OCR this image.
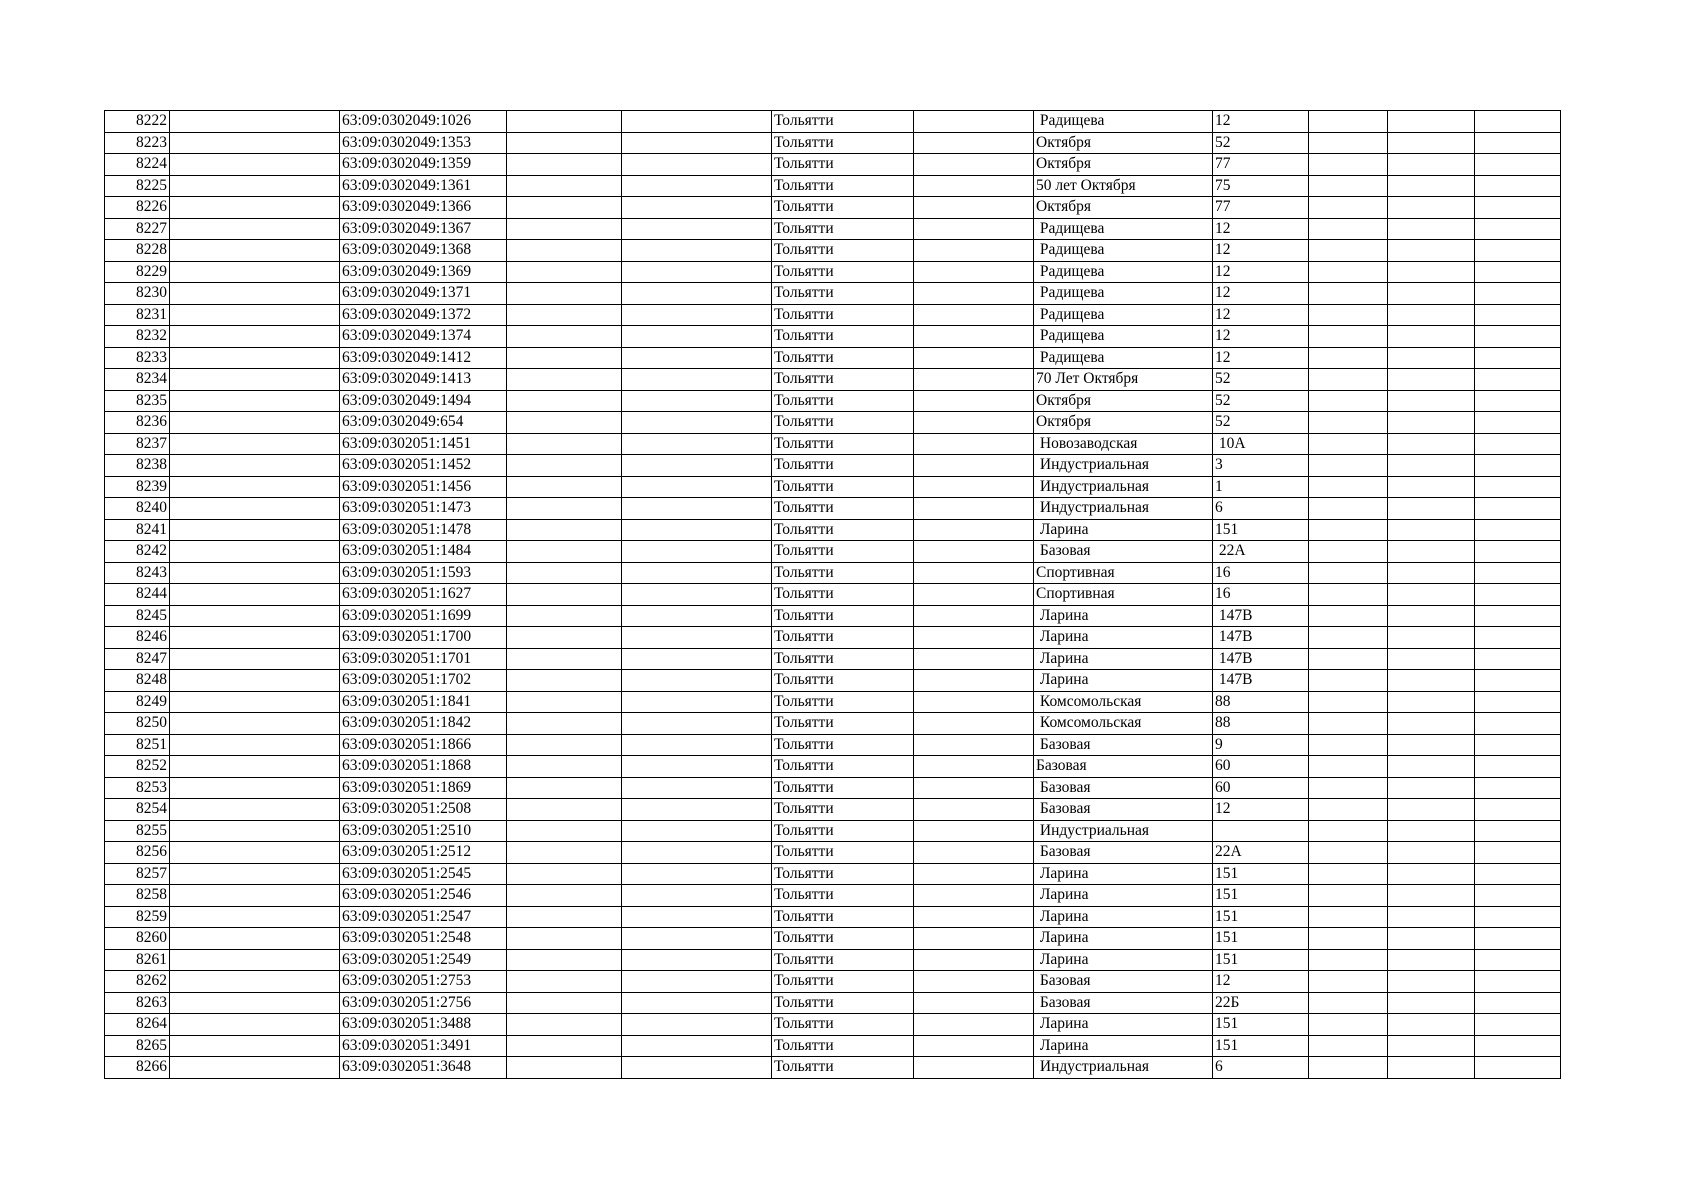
8222		63:09:0302049:1026			Тольятти		Радищева	12			
8223		63:09:0302049:1353			Тольятти		Октября	52			
8224		63:09:0302049:1359			Тольятти		Октября	77			
8225		63:09:0302049:1361			Тольятти		50 лет Октября	75			
8226		63:09:0302049:1366			Тольятти		Октября	77			
8227		63:09:0302049:1367			Тольятти		Радищева	12			
8228		63:09:0302049:1368			Тольятти		Радищева	12			
8229		63:09:0302049:1369			Тольятти		Радищева	12			
8230		63:09:0302049:1371			Тольятти		Радищева	12			
8231		63:09:0302049:1372			Тольятти		Радищева	12			
8232		63:09:0302049:1374			Тольятти		Радищева	12			
8233		63:09:0302049:1412			Тольятти		Радищева	12			
8234		63:09:0302049:1413			Тольятти		70 Лет Октября	52			
8235		63:09:0302049:1494			Тольятти		Октября	52			
8236		63:09:0302049:654			Тольятти		Октября	52			
8237		63:09:0302051:1451			Тольятти		Новозаводская	10А			
8238		63:09:0302051:1452			Тольятти		Индустриальная	3			
8239		63:09:0302051:1456			Тольятти		Индустриальная	1			
8240		63:09:0302051:1473			Тольятти		Индустриальная	6			
8241		63:09:0302051:1478			Тольятти		Ларина	151			
8242		63:09:0302051:1484			Тольятти		Базовая	22А			
8243		63:09:0302051:1593			Тольятти		Спортивная	16			
8244		63:09:0302051:1627			Тольятти		Спортивная	16			
8245		63:09:0302051:1699			Тольятти		Ларина	147В			
8246		63:09:0302051:1700			Тольятти		Ларина	147В			
8247		63:09:0302051:1701			Тольятти		Ларина	147В			
8248		63:09:0302051:1702			Тольятти		Ларина	147В			
8249		63:09:0302051:1841			Тольятти		Комсомольская	88			
8250		63:09:0302051:1842			Тольятти		Комсомольская	88			
8251		63:09:0302051:1866			Тольятти		Базовая	9			
8252		63:09:0302051:1868			Тольятти		Базовая	60			
8253		63:09:0302051:1869			Тольятти		Базовая	60			
8254		63:09:0302051:2508			Тольятти		Базовая	12			
8255		63:09:0302051:2510			Тольятти		Индустриальная				
8256		63:09:0302051:2512			Тольятти		Базовая	22А			
8257		63:09:0302051:2545			Тольятти		Ларина	151			
8258		63:09:0302051:2546			Тольятти		Ларина	151			
8259		63:09:0302051:2547			Тольятти		Ларина	151			
8260		63:09:0302051:2548			Тольятти		Ларина	151			
8261		63:09:0302051:2549			Тольятти		Ларина	151			
8262		63:09:0302051:2753			Тольятти		Базовая	12			
8263		63:09:0302051:2756			Тольятти		Базовая	22Б			
8264		63:09:0302051:3488			Тольятти		Ларина	151			
8265		63:09:0302051:3491			Тольятти		Ларина	151			
8266		63:09:0302051:3648			Тольятти		Индустриальная	6			
